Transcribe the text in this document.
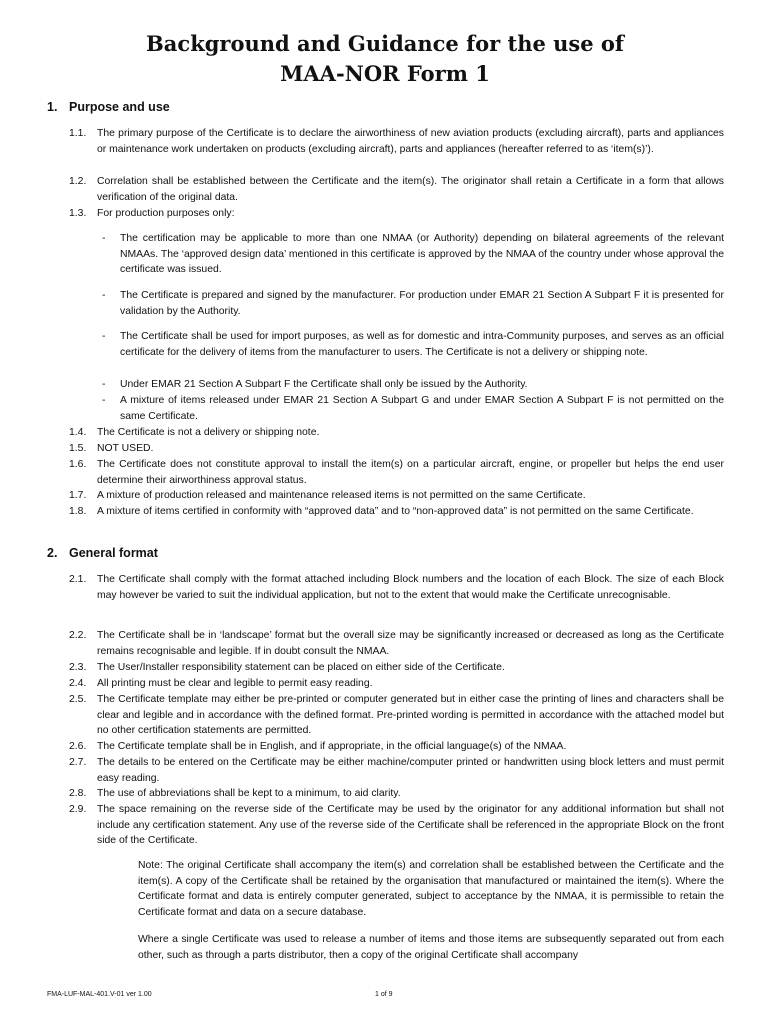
Background and Guidance for the use of
MAA-NOR Form 1
1. Purpose and use
1.1. The primary purpose of the Certificate is to declare the airworthiness of new aviation products (excluding aircraft), parts and appliances or maintenance work undertaken on products (excluding aircraft), parts and appliances (hereafter referred to as ‘item(s)’).
1.2. Correlation shall be established between the Certificate and the item(s). The originator shall retain a Certificate in a form that allows verification of the original data.
1.3. For production purposes only:
- The certification may be applicable to more than one NMAA (or Authority) depending on bilateral agreements of the relevant NMAAs. The ‘approved design data’ mentioned in this certificate is approved by the NMAA of the country under whose approval the certificate was issued.
- The Certificate is prepared and signed by the manufacturer. For production under EMAR 21 Section A Subpart F it is presented for validation by the Authority.
- The Certificate shall be used for import purposes, as well as for domestic and intra-Community purposes, and serves as an official certificate for the delivery of items from the manufacturer to users. The Certificate is not a delivery or shipping note.
- Under EMAR 21 Section A Subpart F the Certificate shall only be issued by the Authority.
- A mixture of items released under EMAR 21 Section A Subpart G and under EMAR Section A Subpart F is not permitted on the same Certificate.
1.4. The Certificate is not a delivery or shipping note.
1.5. NOT USED.
1.6. The Certificate does not constitute approval to install the item(s) on a particular aircraft, engine, or propeller but helps the end user determine their airworthiness approval status.
1.7. A mixture of production released and maintenance released items is not permitted on the same Certificate.
1.8. A mixture of items certified in conformity with “approved data” and to “non-approved data” is not permitted on the same Certificate.
2. General format
2.1. The Certificate shall comply with the format attached including Block numbers and the location of each Block. The size of each Block may however be varied to suit the individual application, but not to the extent that would make the Certificate unrecognisable.
2.2. The Certificate shall be in ‘landscape’ format but the overall size may be significantly increased or decreased as long as the Certificate remains recognisable and legible. If in doubt consult the NMAA.
2.3. The User/Installer responsibility statement can be placed on either side of the Certificate.
2.4. All printing must be clear and legible to permit easy reading.
2.5. The Certificate template may either be pre-printed or computer generated but in either case the printing of lines and characters shall be clear and legible and in accordance with the defined format. Pre-printed wording is permitted in accordance with the attached model but no other certification statements are permitted.
2.6. The Certificate template shall be in English, and if appropriate, in the official language(s) of the NMAA.
2.7. The details to be entered on the Certificate may be either machine/computer printed or handwritten using block letters and must permit easy reading.
2.8. The use of abbreviations shall be kept to a minimum, to aid clarity.
2.9. The space remaining on the reverse side of the Certificate may be used by the originator for any additional information but shall not include any certification statement. Any use of the reverse side of the Certificate shall be referenced in the appropriate Block on the front side of the Certificate.
Note: The original Certificate shall accompany the item(s) and correlation shall be established between the Certificate and the item(s). A copy of the Certificate shall be retained by the organisation that manufactured or maintained the item(s). Where the Certificate format and data is entirely computer generated, subject to acceptance by the NMAA, it is permissible to retain the Certificate format and data on a secure database.
Where a single Certificate was used to release a number of items and those items are subsequently separated out from each other, such as through a parts distributor, then a copy of the original Certificate shall accompany
FMA-LUF-MAL-401.V-01 ver 1.00	1 of 9
